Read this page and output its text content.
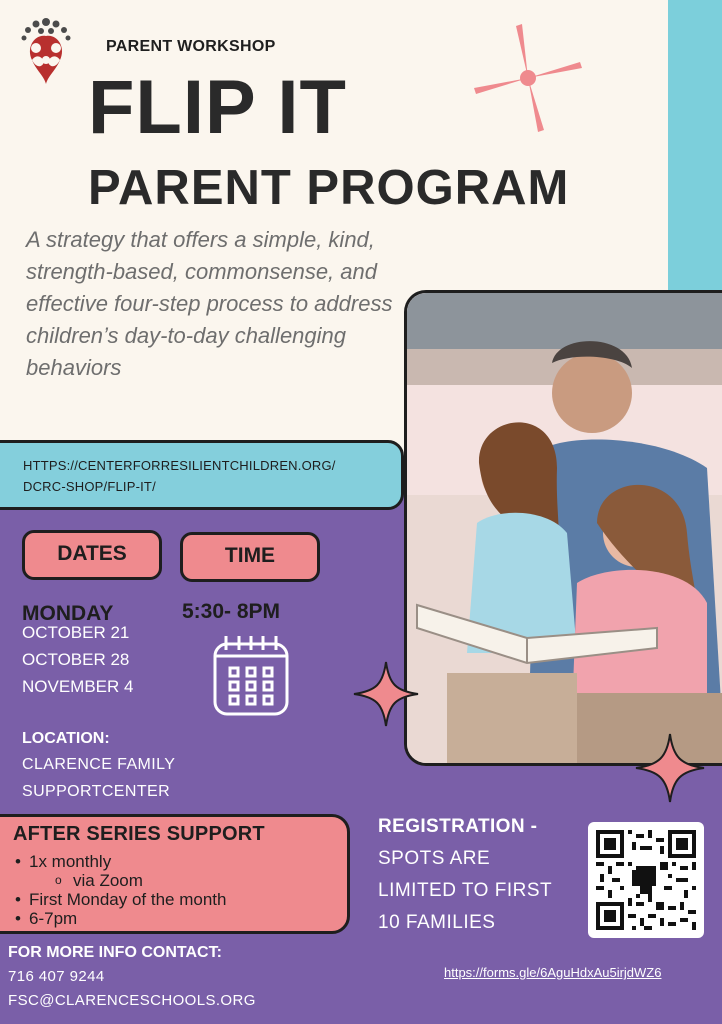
PARENT WORKSHOP
FLIP IT
PARENT PROGRAM
A strategy that offers a simple, kind, strength-based, commonsense, and effective four-step process to address children’s day-to-day challenging behaviors
HTTPS://CENTERFORRESILIENTCHILDREN.ORG/
DCRC-SHOP/FLIP-IT/
DATES	TIME
MONDAY
OCTOBER 21
OCTOBER 28
NOVEMBER 4
5:30- 8PM
LOCATION:
CLARENCE FAMILY
SUPPORTCENTER
AFTER SERIES SUPPORT
• 1x monthly
o via Zoom
• First Monday of the month
• 6-7pm
REGISTRATION -
SPOTS ARE
LIMITED TO FIRST
10 FAMILIES
FOR MORE INFO CONTACT:
716 407 9244
FSC@CLARENCESCHOOLS.ORG
https://forms.gle/6AguHdxAu5irjdWZ6
